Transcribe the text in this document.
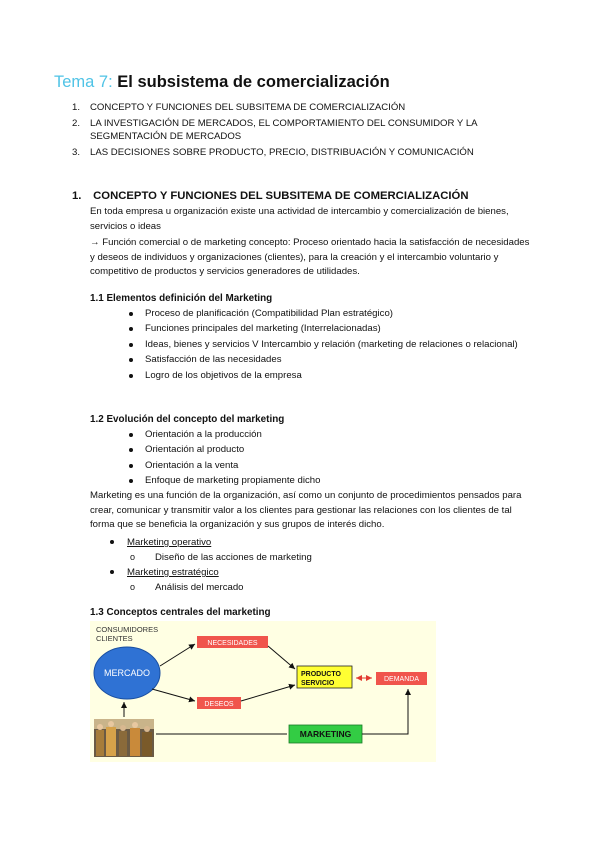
Tema 7: El subsistema de comercialización
1.	CONCEPTO Y FUNCIONES DEL SUBSITEMA DE COMERCIALIZACIÓN
2.	LA INVESTIGACIÓN DE MERCADOS, EL COMPORTAMIENTO DEL CONSUMIDOR Y LA SEGMENTACIÓN DE MERCADOS
3.	LAS DECISIONES SOBRE PRODUCTO, PRECIO, DISTRIBUACIÓN Y COMUNICACIÓN
1. CONCEPTO Y FUNCIONES DEL SUBSITEMA DE COMERCIALIZACIÓN
En toda empresa u organización existe una actividad de intercambio y comercialización de bienes, servicios o ideas
→ Función comercial o de marketing concepto: Proceso orientado hacia la satisfacción de necesidades y deseos de individuos y organizaciones (clientes), para la creación y el intercambio voluntario y competitivo de productos y servicios generadores de utilidades.
1.1 Elementos definición del Marketing
Proceso de planificación (Compatibilidad Plan estratégico)
Funciones principales del marketing (Interrelacionadas)
Ideas, bienes y servicios V Intercambio y relación (marketing de relaciones o relacional)
Satisfacción de las necesidades
Logro de los objetivos de la empresa
1.2 Evolución del concepto del marketing
Orientación a la producción
Orientación al producto
Orientación a la venta
Enfoque de marketing propiamente dicho
Marketing es una función de la organización, así como un conjunto de procedimientos pensados para crear, comunicar y transmitir valor a los clientes para gestionar las relaciones con los clientes de tal forma que se beneficia la organización y sus grupos de interés dicho.
Marketing operativo
o Diseño de las acciones de marketing
Marketing estratégico
o Análisis del mercado
1.3 Conceptos centrales del marketing
CONSUMIDORES
CLIENTES
MERCADO
NECESIDADES
DESEOS
PRODUCTO
SERVICIO
DEMANDA
MARKETING
